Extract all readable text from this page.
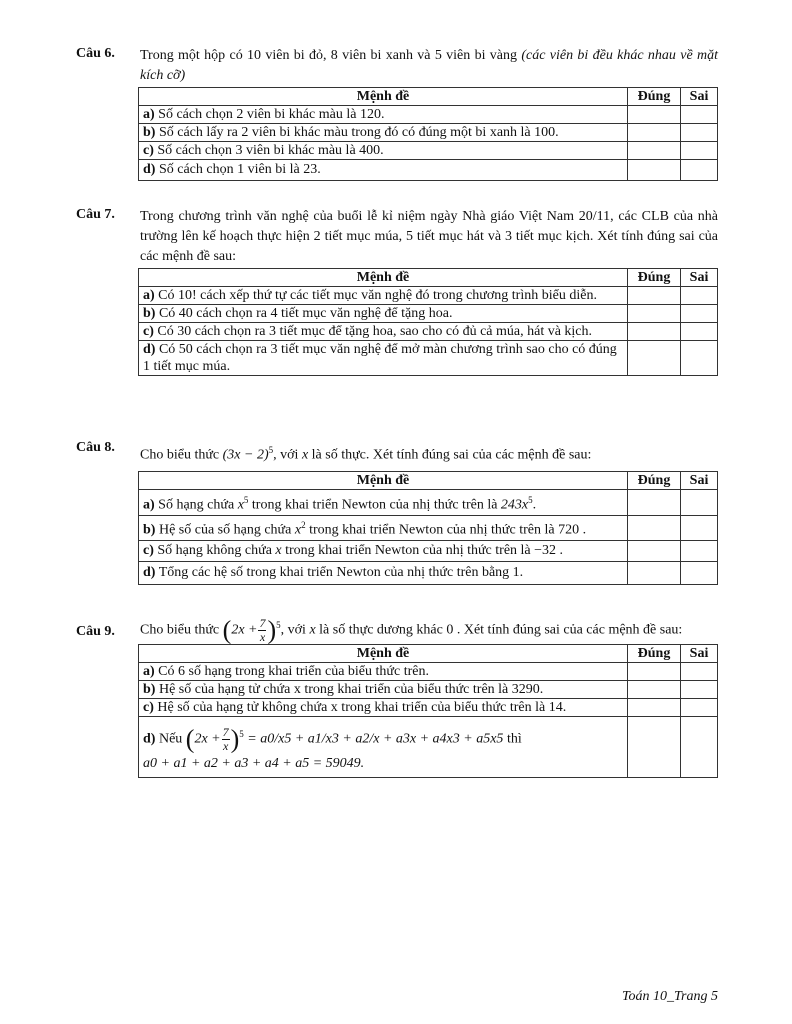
Câu 6.	Trong một hộp có 10 viên bi đỏ, 8 viên bi xanh và 5 viên bi vàng (các viên bi đều khác nhau về mặt kích cỡ)
Mệnh đề	Đúng	Sai
a) Số cách chọn 2 viên bi khác màu là 120.		
b) Số cách lấy ra 2 viên bi khác màu trong đó có đúng một bi xanh là 100.		
c) Số cách chọn 3 viên bi khác màu là 400.		
d) Số cách chọn 1 viên bi là 23.		
Câu 7.	Trong chương trình văn nghệ của buổi lễ kỉ niệm ngày Nhà giáo Việt Nam 20/11, các CLB của nhà trường lên kế hoạch thực hiện 2 tiết mục múa, 5 tiết mục hát và 3 tiết mục kịch. Xét tính đúng sai của các mệnh đề sau:
Mệnh đề	Đúng	Sai
a) Có 10! cách xếp thứ tự các tiết mục văn nghệ đó trong chương trình biểu diễn.		
b) Có 40 cách chọn ra 4 tiết mục văn nghệ để tặng hoa.		
c) Có 30 cách chọn ra 3 tiết mục để tặng hoa, sao cho có đủ cả múa, hát và kịch.		
d) Có 50 cách chọn ra 3 tiết mục văn nghệ để mở màn chương trình sao cho có đúng 1 tiết mục múa.		
Câu 8.
Cho biểu thức $(3x - 2)^5$, với x là số thực. Xét tính đúng sai của các mệnh đề sau:
Mệnh đề	Đúng	Sai
a) Số hạng chứa $x^5$ trong khai triển Newton của nhị thức trên là $243x^5$.		
b) Hệ số của số hạng chứa $x^2$ trong khai triển Newton của nhị thức trên là 720 .		
c) Số hạng không chứa x trong khai triển Newton của nhị thức trên là −32 .		
d) Tổng các hệ số trong khai triển Newton của nhị thức trên bằng 1.		
Câu 9.	Cho biểu thức $(2x + \frac{7}{x} )^5$, với x là số thực dương khác 0 . Xét tính đúng sai của các mệnh đề sau:
Mệnh đề	Đúng	Sai
a) Có 6 số hạng trong khai triển của biểu thức trên.		
b) Hệ số của hạng tử chứa x trong khai triển của biểu thức trên là 3290.		
c) Hệ số của hạng tử không chứa x trong khai triển của biểu thức trên là 14.		

d) Nếu $(2x + \frac{7}{x} )^5 = a0/x5 + a1/x3 + a2/x + a3x + a4x3 + a5x5$ thì
a0 + a1 + a2 + a3 + a4 + a5 = 59049.		

Toán 10_Trang 5
